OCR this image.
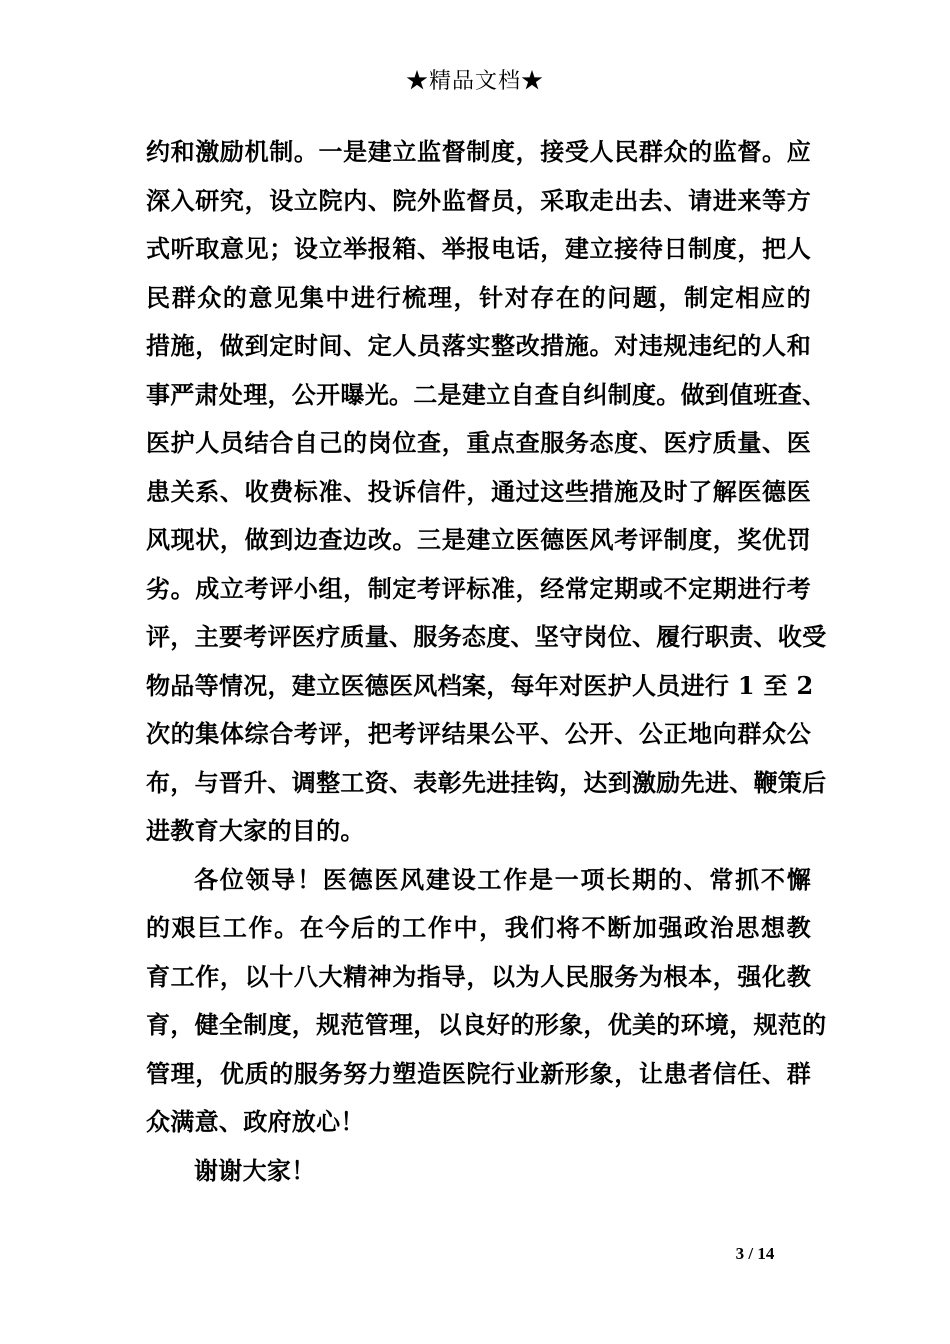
★精品文档★
约和激励机制。一是建立监督制度，接受人民群众的监督。应
深入研究，设立院内、院外监督员，采取走出去、请进来等方
式听取意见；设立举报箱、举报电话，建立接待日制度，把人
民群众的意见集中进行梳理，针对存在的问题，制定相应的
措施，做到定时间、定人员落实整改措施。对违规违纪的人和
事严肃处理，公开曝光。二是建立自查自纠制度。做到值班查、
医护人员结合自己的岗位查，重点查服务态度、医疗质量、医
患关系、收费标准、投诉信件，通过这些措施及时了解医德医
风现状，做到边查边改。三是建立医德医风考评制度，奖优罚
劣。成立考评小组，制定考评标准，经常定期或不定期进行考
评，主要考评医疗质量、服务态度、坚守岗位、履行职责、收受
物品等情况，建立医德医风档案，每年对医护人员进行 1 至 2
次的集体综合考评，把考评结果公平、公开、公正地向群众公
布，与晋升、调整工资、表彰先进挂钩，达到激励先进、鞭策后
进教育大家的目的。
各位领导！医德医风建设工作是一项长期的、常抓不懈
的艰巨工作。在今后的工作中，我们将不断加强政治思想教
育工作，以十八大精神为指导，以为人民服务为根本，强化教
育，健全制度，规范管理，以良好的形象，优美的环境，规范的
管理，优质的服务努力塑造医院行业新形象，让患者信任、群
众满意、政府放心！
谢谢大家！
3 / 14
